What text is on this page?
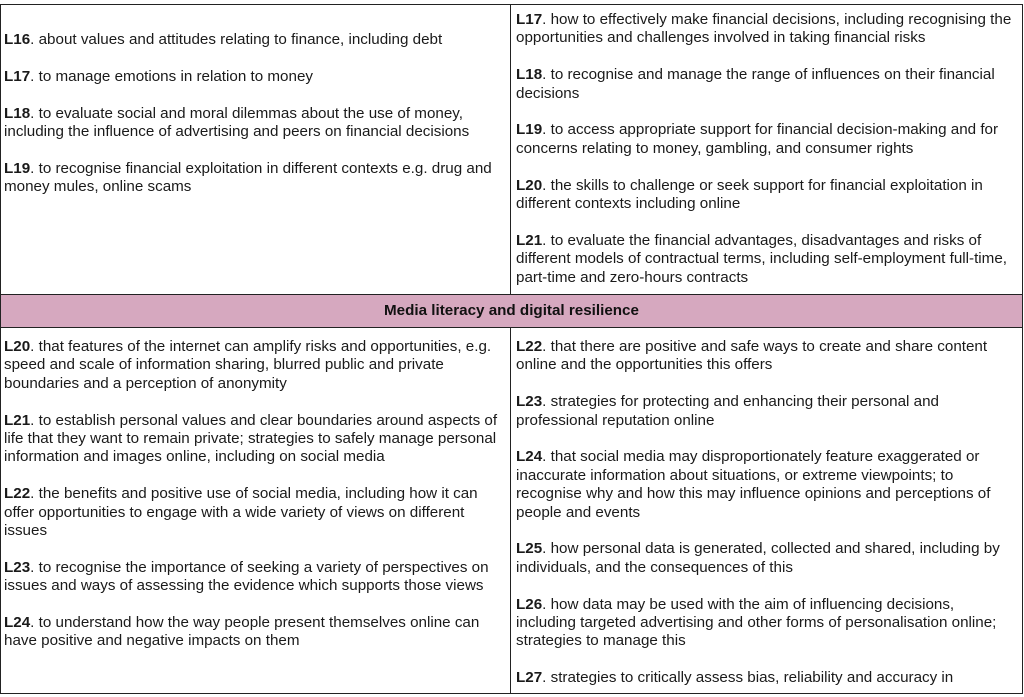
L16. about values and attitudes relating to finance, including debt
L17. to manage emotions in relation to money
L18. to evaluate social and moral dilemmas about the use of money, including the influence of advertising and peers on financial decisions
L19. to recognise financial exploitation in different contexts e.g. drug and money mules, online scams
L17. how to effectively make financial decisions, including recognising the opportunities and challenges involved in taking financial risks
L18. to recognise and manage the range of influences on their financial decisions
L19. to access appropriate support for financial decision-making and for concerns relating to money, gambling, and consumer rights
L20. the skills to challenge or seek support for financial exploitation in different contexts including online
L21. to evaluate the financial advantages, disadvantages and risks of different models of contractual terms, including self-employment full-time, part-time and zero-hours contracts
Media literacy and digital resilience
L20. that features of the internet can amplify risks and opportunities, e.g. speed and scale of information sharing, blurred public and private boundaries and a perception of anonymity
L21. to establish personal values and clear boundaries around aspects of life that they want to remain private; strategies to safely manage personal information and images online, including on social media
L22. the benefits and positive use of social media, including how it can offer opportunities to engage with a wide variety of views on different issues
L23. to recognise the importance of seeking a variety of perspectives on issues and ways of assessing the evidence which supports those views
L24. to understand how the way people present themselves online can have positive and negative impacts on them
L22. that there are positive and safe ways to create and share content online and the opportunities this offers
L23. strategies for protecting and enhancing their personal and professional reputation online
L24. that social media may disproportionately feature exaggerated or inaccurate information about situations, or extreme viewpoints; to recognise why and how this may influence opinions and perceptions of people and events
L25. how personal data is generated, collected and shared, including by individuals, and the consequences of this
L26. how data may be used with the aim of influencing decisions, including targeted advertising and other forms of personalisation online; strategies to manage this
L27. strategies to critically assess bias, reliability and accuracy in
